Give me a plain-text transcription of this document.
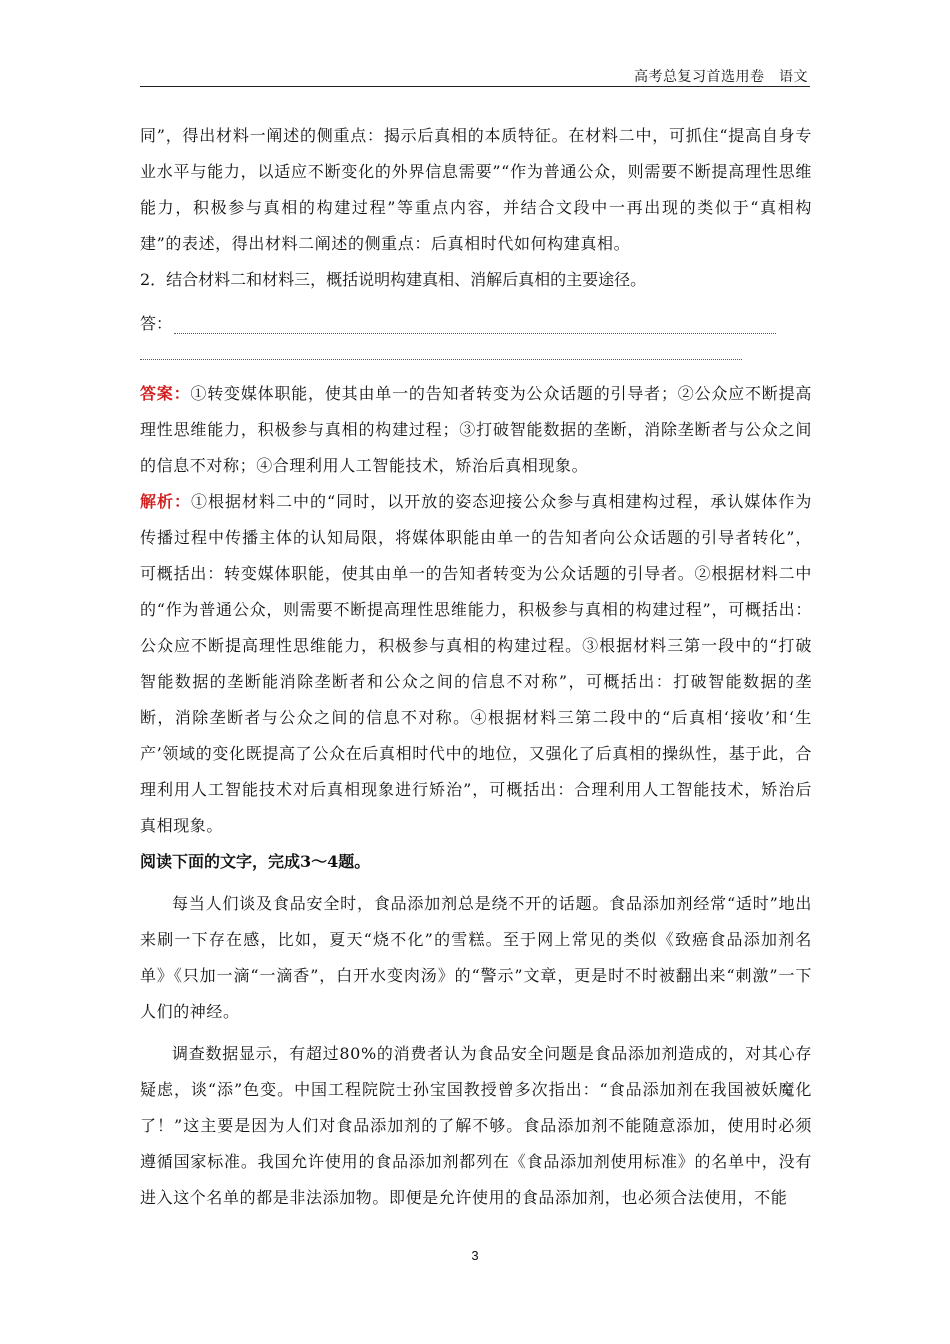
高考总复习首选用卷　语文

同”，得出材料一阐述的侧重点：揭示后真相的本质特征。在材料二中，可抓住“提高自身专业水平与能力，以适应不断变化的外界信息需要”“作为普通公众，则需要不断提高理性思维能力，积极参与真相的构建过程”等重点内容，并结合文段中一再出现的类似于“真相构建”的表述，得出材料二阐述的侧重点：后真相时代如何构建真相。

2．结合材料二和材料三，概括说明构建真相、消解后真相的主要途径。

答：

答案：①转变媒体职能，使其由单一的告知者转变为公众话题的引导者；②公众应不断提高理性思维能力，积极参与真相的构建过程；③打破智能数据的垄断，消除垄断者与公众之间的信息不对称；④合理利用人工智能技术，矫治后真相现象。

解析：①根据材料二中的“同时，以开放的姿态迎接公众参与真相建构过程，承认媒体作为传播过程中传播主体的认知局限，将媒体职能由单一的告知者向公众话题的引导者转化”，可概括出：转变媒体职能，使其由单一的告知者转变为公众话题的引导者。②根据材料二中的“作为普通公众，则需要不断提高理性思维能力，积极参与真相的构建过程”，可概括出：公众应不断提高理性思维能力，积极参与真相的构建过程。③根据材料三第一段中的“打破智能数据的垄断能消除垄断者和公众之间的信息不对称”，可概括出：打破智能数据的垄断，消除垄断者与公众之间的信息不对称。④根据材料三第二段中的“后真相‘接收’和‘生产’领域的变化既提高了公众在后真相时代中的地位，又强化了后真相的操纵性，基于此，合理利用人工智能技术对后真相现象进行矫治”，可概括出：合理利用人工智能技术，矫治后真相现象。

阅读下面的文字，完成3～4题。

每当人们谈及食品安全时，食品添加剂总是绕不开的话题。食品添加剂经常“适时”地出来刷一下存在感，比如，夏天“烧不化”的雪糕。至于网上常见的类似《致癌食品添加剂名单》《只加一滴“一滴香”，白开水变肉汤》的“警示”文章，更是时不时被翻出来“刺激”一下人们的神经。

调查数据显示，有超过80%的消费者认为食品安全问题是食品添加剂造成的，对其心存疑虑，谈“添”色变。中国工程院院士孙宝国教授曾多次指出：“食品添加剂在我国被妖魔化了！”这主要是因为人们对食品添加剂的了解不够。食品添加剂不能随意添加，使用时必须遵循国家标准。我国允许使用的食品添加剂都列在《食品添加剂使用标准》的名单中，没有进入这个名单的都是非法添加物。即便是允许使用的食品添加剂，也必须合法使用，不能

3
